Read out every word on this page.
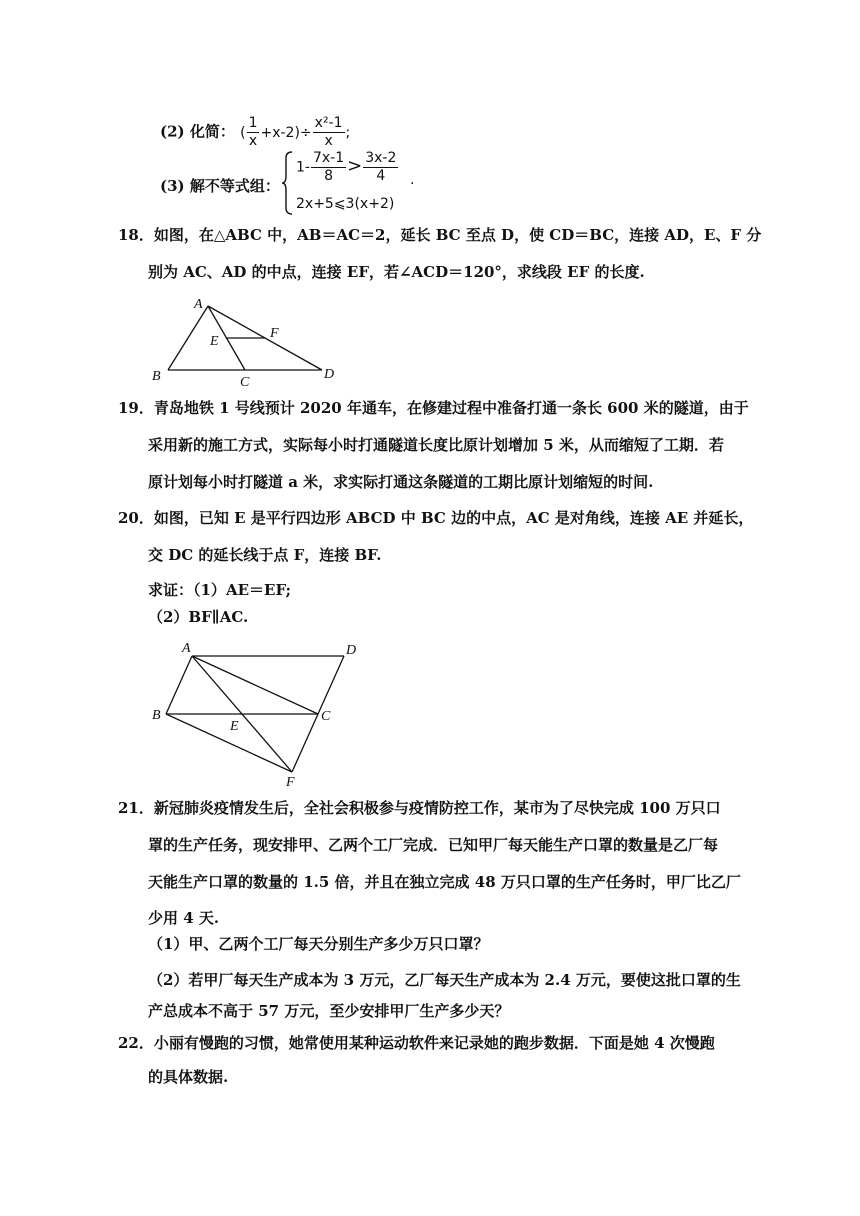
(2) 化简： ( $\frac{1}{x} +x-2)\div \frac{\text{x²-1}}{x}$ ;
(3) 解不等式组：
$1- \frac{7x-1}{8} > \frac{3x-2}{4}$
2x+5⩽3(x+2)
.
18．如图，在△ABC 中，AB＝AC＝2，延长 BC 至点 D，使 CD＝BC，连接 AD，E、F 分
别为 AC、AD 的中点，连接 EF，若∠ACD＝120°，求线段 EF 的长度.
A
B	C
D
E
F
19．青岛地铁 1 号线预计 2020 年通车，在修建过程中准备打通一条长 600 米的隧道，由于
采用新的施工方式，实际每小时打通隧道长度比原计划增加 5 米，从而缩短了工期．若
原计划每小时打隧道 a 米，求实际打通这条隧道的工期比原计划缩短的时间.
20．如图，已知 E 是平行四边形 ABCD 中 BC 边的中点，AC 是对角线，连接 AE 并延长，
交 DC 的延长线于点 F，连接 BF.
求证：（1）AE＝EF;
（2）BF∥AC.
A
B	C
D
E
F
21．新冠肺炎疫情发生后，全社会积极参与疫情防控工作，某市为了尽快完成 100 万只口
罩的生产任务，现安排甲、乙两个工厂完成．已知甲厂每天能生产口罩的数量是乙厂每
天能生产口罩的数量的 1.5 倍，并且在独立完成 48 万只口罩的生产任务时，甲厂比乙厂
少用 4 天.
（1）甲、乙两个工厂每天分别生产多少万只口罩？
（2）若甲厂每天生产成本为 3 万元，乙厂每天生产成本为 2.4 万元，要使这批口罩的生
产总成本不高于 57 万元，至少安排甲厂生产多少天？
22．小丽有慢跑的习惯，她常使用某种运动软件来记录她的跑步数据．下面是她 4 次慢跑
的具体数据.
